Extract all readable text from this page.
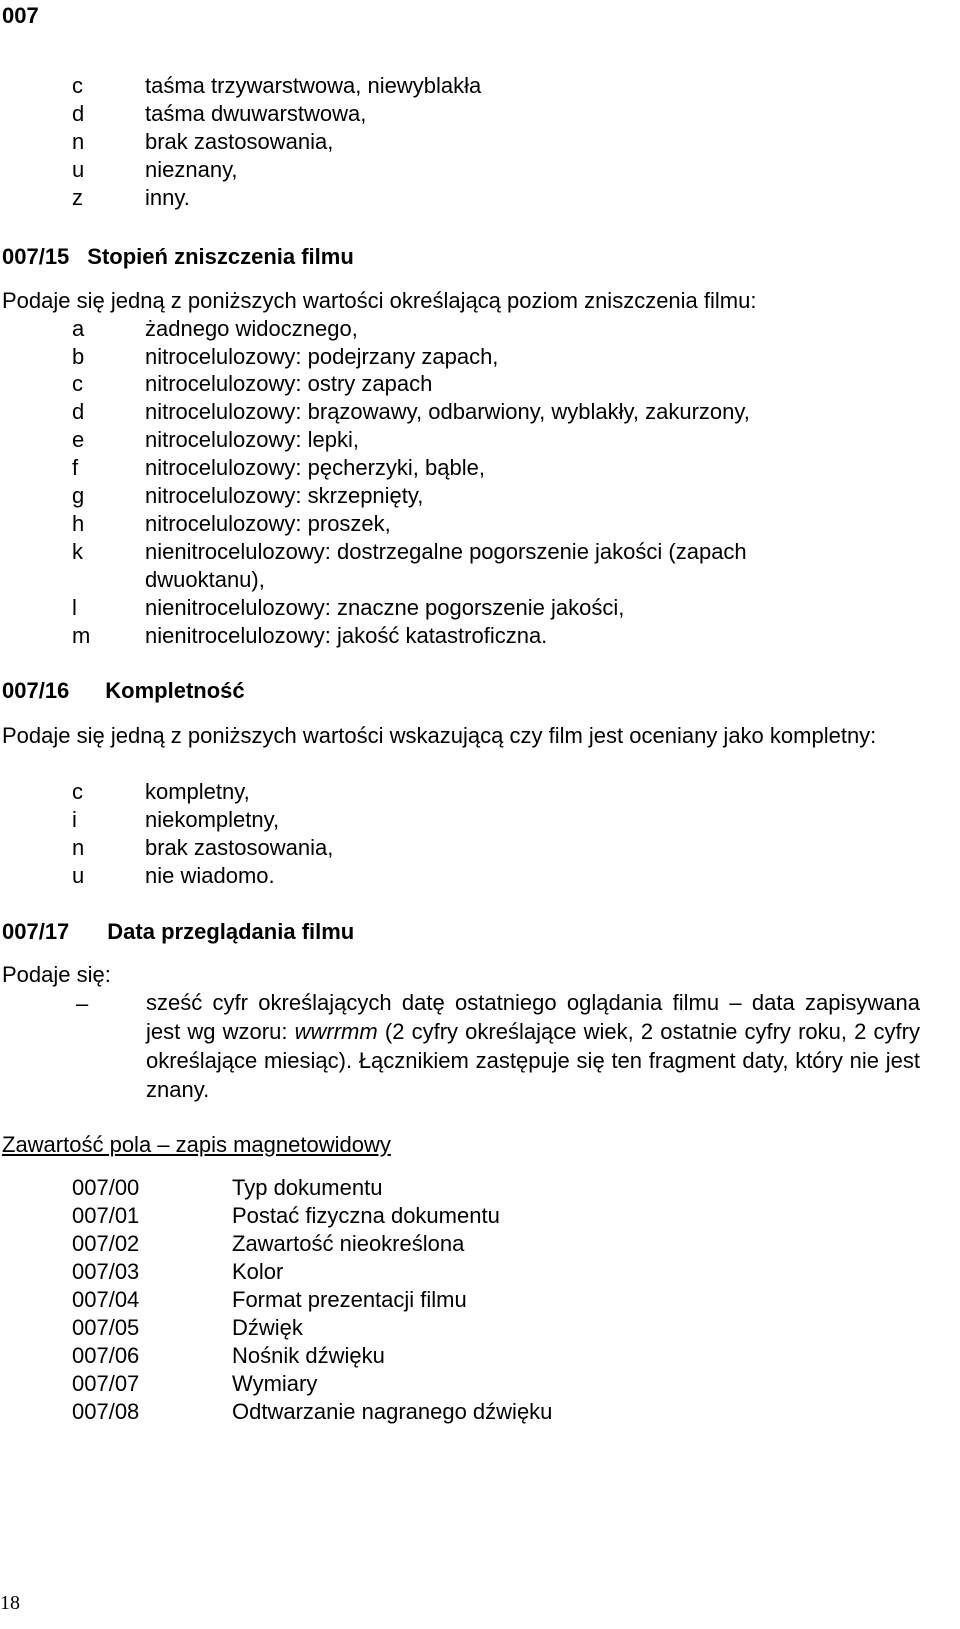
007
c	taśma trzywarstwowa, niewyblakła
d	taśma dwuwarstwowa,
n	brak zastosowania,
u	nieznany,
z	inny.
007/15 Stopień zniszczenia filmu
Podaje się jedną z poniższych wartości określającą poziom zniszczenia filmu:
a	żadnego widocznego,
b	nitrocelulozowy: podejrzany zapach,
c	nitrocelulozowy: ostry zapach
d	nitrocelulozowy: brązowawy, odbarwiony, wyblakły, zakurzony,
e	nitrocelulozowy: lepki,
f	nitrocelulozowy: pęcherzyki, bąble,
g	nitrocelulozowy: skrzepnięty,
h	nitrocelulozowy: proszek,
k	nienitrocelulozowy: dostrzegalne pogorszenie jakości (zapach
dwuoktanu),
l	nienitrocelulozowy: znaczne pogorszenie jakości,
m nienitrocelulozowy: jakość katastroficzna.
007/16 Kompletność
Podaje się jedną z poniższych wartości wskazującą czy film jest oceniany jako kompletny:
c	kompletny,
i	niekompletny,
n	brak zastosowania,
u	nie wiadomo.
007/17 Data przeglądania filmu
Podaje się:
–	sześć cyfr określających datę ostatniego oglądania filmu – data zapisywana jest wg wzoru: wwrrmm (2 cyfry określające wiek, 2 ostatnie cyfry roku, 2 cyfry określające miesiąc). Łącznikiem zastępuje się ten fragment daty, który nie jest znany.
Zawartość pola – zapis magnetowidowy
007/00	Typ dokumentu
007/01	Postać fizyczna dokumentu
007/02	Zawartość nieokreślona
007/03	Kolor
007/04	Format prezentacji filmu
007/05	Dźwięk
007/06	Nośnik dźwięku
007/07	Wymiary
007/08	Odtwarzanie nagranego dźwięku
18
